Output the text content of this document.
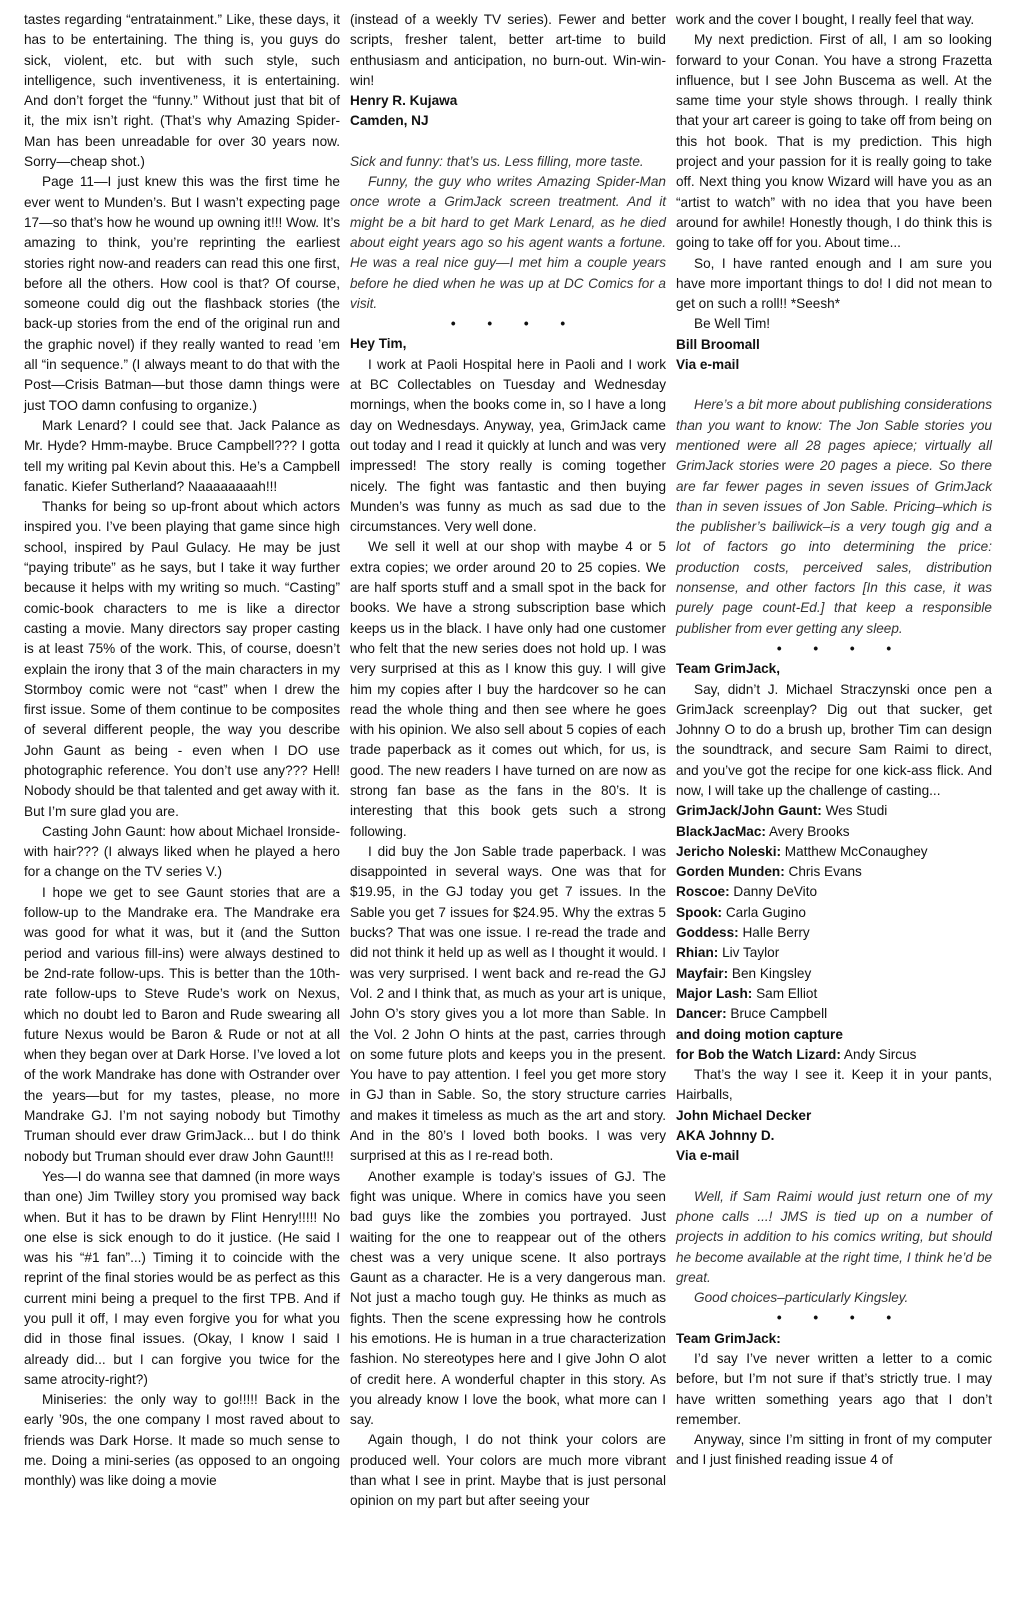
tastes regarding “entratainment.” Like, these days, it has to be entertaining. The thing is, you guys do sick, violent, etc. but with such style, such intelligence, such inventiveness, it is entertaining. And don’t forget the “funny.” Without just that bit of it, the mix isn’t right. (That’s why Amazing Spider-Man has been unreadable for over 30 years now. Sorry—cheap shot.)

Page 11—I just knew this was the first time he ever went to Munden’s. But I wasn’t expecting page 17—so that’s how he wound up owning it!!! Wow. It’s amazing to think, you’re reprinting the earliest stories right now-and readers can read this one first, before all the others. How cool is that? Of course, someone could dig out the flashback stories (the back-up stories from the end of the original run and the graphic novel) if they really wanted to read ’em all “in sequence.” (I always meant to do that with the Post—Crisis Batman—but those damn things were just TOO damn confusing to organize.)

Mark Lenard? I could see that. Jack Palance as Mr. Hyde? Hmm-maybe. Bruce Campbell??? I gotta tell my writing pal Kevin about this. He’s a Campbell fanatic. Kiefer Sutherland? Naaaaaaaah!!!

Thanks for being so up-front about which actors inspired you. I’ve been playing that game since high school, inspired by Paul Gulacy. He may be just “paying tribute” as he says, but I take it way further because it helps with my writing so much. “Casting” comic-book characters to me is like a director casting a movie. Many directors say proper casting is at least 75% of the work. This, of course, doesn’t explain the irony that 3 of the main characters in my Stormboy comic were not “cast” when I drew the first issue. Some of them continue to be composites of several different people, the way you describe John Gaunt as being - even when I DO use photographic reference. You don’t use any??? Hell! Nobody should be that talented and get away with it. But I’m sure glad you are.

Casting John Gaunt: how about Michael Ironside-with hair??? (I always liked when he played a hero for a change on the TV series V.)

I hope we get to see Gaunt stories that are a follow-up to the Mandrake era. The Mandrake era was good for what it was, but it (and the Sutton period and various fill-ins) were always destined to be 2nd-rate follow-ups. This is better than the 10th-rate follow-ups to Steve Rude’s work on Nexus, which no doubt led to Baron and Rude swearing all future Nexus would be Baron & Rude or not at all when they began over at Dark Horse. I’ve loved a lot of the work Mandrake has done with Ostrander over the years—but for my tastes, please, no more Mandrake GJ. I’m not saying nobody but Timothy Truman should ever draw GrimJack... but I do think nobody but Truman should ever draw John Gaunt!!!

Yes—I do wanna see that damned (in more ways than one) Jim Twilley story you promised way back when. But it has to be drawn by Flint Henry!!!!! No one else is sick enough to do it justice. (He said I was his “#1 fan”...) Timing it to coincide with the reprint of the final stories would be as perfect as this current mini being a prequel to the first TPB. And if you pull it off, I may even forgive you for what you did in those final issues. (Okay, I know I said I already did... but I can forgive you twice for the same atrocity-right?)

Miniseries: the only way to go!!!!! Back in the early ’90s, the one company I most raved about to friends was Dark Horse. It made so much sense to me. Doing a mini-series (as opposed to an ongoing monthly) was like doing a movie

(instead of a weekly TV series). Fewer and better scripts, fresher talent, better art-time to build enthusiasm and anticipation, no burn-out. Win-win-win!

Henry R. Kujawa

Camden, NJ

Sick and funny: that’s us. Less filling, more taste.

Funny, the guy who writes Amazing Spider-Man once wrote a GrimJack screen treatment. And it might be a bit hard to get Mark Lenard, as he died about eight years ago so his agent wants a fortune. He was a real nice guy—I met him a couple years before he died when he was up at DC Comics for a visit.

• • • •

Hey Tim,

I work at Paoli Hospital here in Paoli and I work at BC Collectables on Tuesday and Wednesday mornings, when the books come in, so I have a long day on Wednesdays. Anyway, yea, GrimJack came out today and I read it quickly at lunch and was very impressed! The story really is coming together nicely. The fight was fantastic and then buying Munden’s was funny as much as sad due to the circumstances. Very well done.

We sell it well at our shop with maybe 4 or 5 extra copies; we order around 20 to 25 copies. We are half sports stuff and a small spot in the back for books. We have a strong subscription base which keeps us in the black. I have only had one customer who felt that the new series does not hold up. I was very surprised at this as I know this guy. I will give him my copies after I buy the hardcover so he can read the whole thing and then see where he goes with his opinion. We also sell about 5 copies of each trade paperback as it comes out which, for us, is good. The new readers I have turned on are now as strong fan base as the fans in the 80’s. It is interesting that this book gets such a strong following.

I did buy the Jon Sable trade paperback. I was disappointed in several ways. One was that for $19.95, in the GJ today you get 7 issues. In the Sable you get 7 issues for $24.95. Why the extras 5 bucks? That was one issue. I re-read the trade and did not think it held up as well as I thought it would. I was very surprised. I went back and re-read the GJ Vol. 2 and I think that, as much as your art is unique, John O’s story gives you a lot more than Sable. In the Vol. 2 John O hints at the past, carries through on some future plots and keeps you in the present. You have to pay attention. I feel you get more story in GJ than in Sable. So, the story structure carries and makes it timeless as much as the art and story. And in the 80’s I loved both books. I was very surprised at this as I re-read both.

Another example is today’s issues of GJ. The fight was unique. Where in comics have you seen bad guys like the zombies you portrayed. Just waiting for the one to reappear out of the others chest was a very unique scene. It also portrays Gaunt as a character. He is a very dangerous man. Not just a macho tough guy. He thinks as much as fights. Then the scene expressing how he controls his emotions. He is human in a true characterization fashion. No stereotypes here and I give John O alot of credit here. A wonderful chapter in this story. As you already know I love the book, what more can I say.

Again though, I do not think your colors are produced well. Your colors are much more vibrant than what I see in print. Maybe that is just personal opinion on my part but after seeing your

work and the cover I bought, I really feel that way.

My next prediction. First of all, I am so looking forward to your Conan. You have a strong Frazetta influence, but I see John Buscema as well. At the same time your style shows through. I really think that your art career is going to take off from being on this hot book. That is my prediction. This high project and your passion for it is really going to take off. Next thing you know Wizard will have you as an “artist to watch” with no idea that you have been around for awhile! Honestly though, I do think this is going to take off for you. About time...

So, I have ranted enough and I am sure you have more important things to do! I did not mean to get on such a roll!! *Seesh*

Be Well Tim!

Bill Broomall

Via e-mail

Here’s a bit more about publishing considerations than you want to know: The Jon Sable stories you mentioned were all 28 pages apiece; virtually all GrimJack stories were 20 pages a piece. So there are far fewer pages in seven issues of GrimJack than in seven issues of Jon Sable. Pricing–which is the publisher’s bailiwick–is a very tough gig and a lot of factors go into determining the price: production costs, perceived sales, distribution nonsense, and other factors [In this case, it was purely page count-Ed.] that keep a responsible publisher from ever getting any sleep.

• • • •

Team GrimJack,

Say, didn’t J. Michael Straczynski once pen a GrimJack screenplay? Dig out that sucker, get Johnny O to do a brush up, brother Tim can design the soundtrack, and secure Sam Raimi to direct, and you’ve got the recipe for one kick-ass flick. And now, I will take up the challenge of casting...

GrimJack/John Gaunt: Wes Studi

BlackJacMac: Avery Brooks

Jericho Noleski: Matthew McConaughey

Gorden Munden: Chris Evans

Roscoe: Danny DeVito

Spook: Carla Gugino

Goddess: Halle Berry

Rhian: Liv Taylor

Mayfair: Ben Kingsley

Major Lash: Sam Elliot

Dancer: Bruce Campbell

and doing motion capture

for Bob the Watch Lizard: Andy Sircus

That’s the way I see it. Keep it in your pants, Hairballs,

John Michael Decker

AKA Johnny D.

Via e-mail

Well, if Sam Raimi would just return one of my phone calls ...! JMS is tied up on a number of projects in addition to his comics writing, but should he become available at the right time, I think he’d be great.

Good choices–particularly Kingsley.

• • • •

Team GrimJack:

I’d say I’ve never written a letter to a comic before, but I’m not sure if that’s strictly true. I may have written something years ago that I don’t remember.

Anyway, since I’m sitting in front of my computer and I just finished reading issue 4 of
